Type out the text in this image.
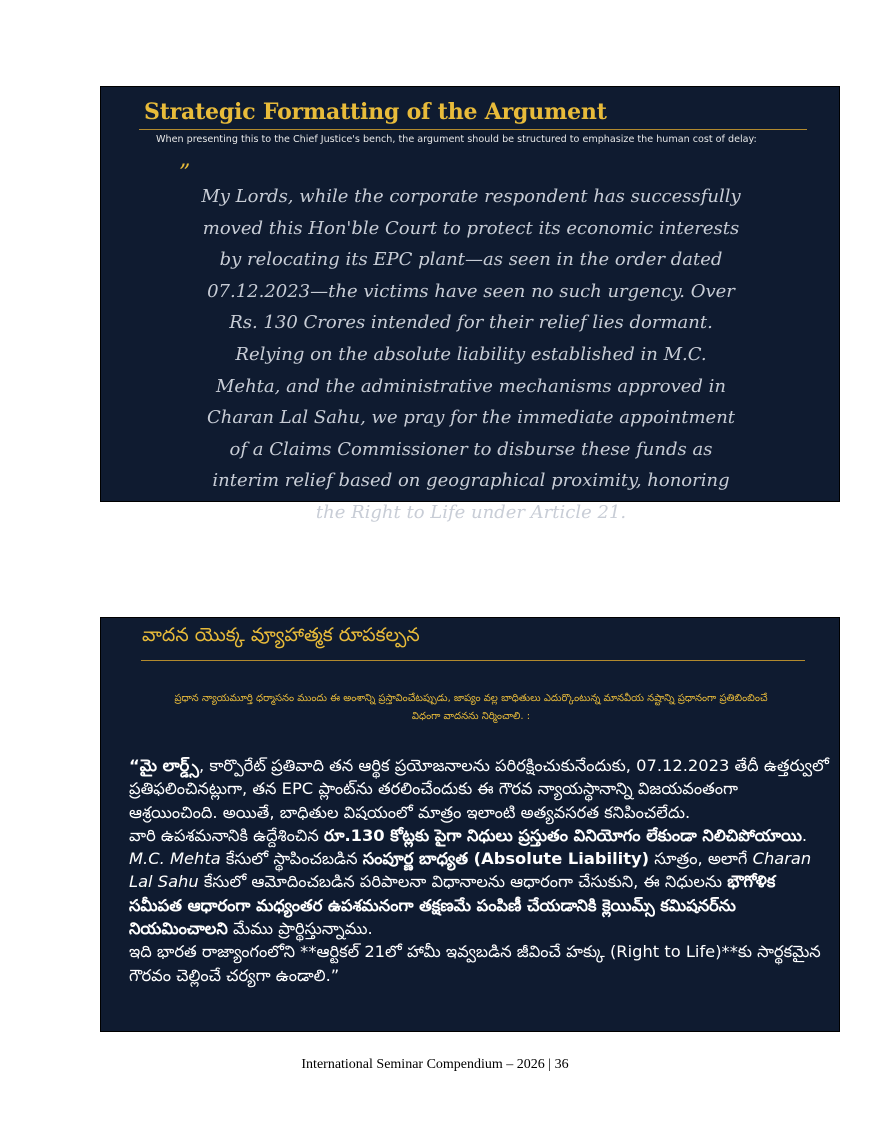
Strategic Formatting of the Argument
When presenting this to the Chief Justice's bench, the argument should be structured to emphasize the human cost of delay:
”
My Lords, while the corporate respondent has successfully moved this Hon'ble Court to protect its economic interests by relocating its EPC plant—as seen in the order dated 07.12.2023—the victims have seen no such urgency. Over Rs. 130 Crores intended for their relief lies dormant. Relying on the absolute liability established in M.C. Mehta, and the administrative mechanisms approved in Charan Lal Sahu, we pray for the immediate appointment of a Claims Commissioner to disburse these funds as interim relief based on geographical proximity, honoring the Right to Life under Article 21.
వాదన యొక్క వ్యూహాత్మక రూపకల్పన
ప్రధాన న్యాయమూర్తి ధర్మాసనం ముందు ఈ అంశాన్ని ప్రస్తావించేటప్పుడు, జాప్యం వల్ల బాధితులు ఎదుర్కొంటున్న మానవీయ నష్టాన్ని ప్రధానంగా ప్రతిబింబించే విధంగా వాదనను నిర్మించాలి. :

“మై లార్డ్స్, కార్పొరేట్ ప్రతివాది తన ఆర్థిక ప్రయోజనాలను పరిరక్షించుకునేందుకు, 07.12.2023 తేదీ ఉత్తర్వులో ప్రతిఫలించినట్లుగా, తన EPC ప్లాంట్‌ను తరలించేందుకు ఈ గౌరవ న్యాయస్థానాన్ని విజయవంతంగా ఆశ్రయించింది. అయితే, బాధితుల విషయంలో మాత్రం ఇలాంటి అత్యవసరత కనిపించలేదు.

వారి ఉపశమనానికి ఉద్దేశించిన రూ.130 కోట్లకు పైగా నిధులు ప్రస్తుతం వినియోగం లేకుండా నిలిచిపోయాయి. M.C. Mehta కేసులో స్థాపించబడిన సంపూర్ణ బాధ్యత (Absolute Liability) సూత్రం, అలాగే Charan Lal Sahu కేసులో ఆమోదించబడిన పరిపాలనా విధానాలను ఆధారంగా చేసుకుని, ఈ నిధులను భౌగోళిక సమీపత ఆధారంగా మధ్యంతర ఉపశమనంగా తక్షణమే పంపిణీ చేయడానికి క్లెయిమ్స్ కమిషనర్‌ను నియమించాలని మేము ప్రార్థిస్తున్నాము.

ఇది భారత రాజ్యాంగంలోని **ఆర్టికల్ 21లో హామీ ఇవ్వబడిన జీవించే హక్కు (Right to Life)**కు సార్థకమైన గౌరవం చెల్లించే చర్యగా ఉండాలి.”

International Seminar Compendium – 2026 | 36
